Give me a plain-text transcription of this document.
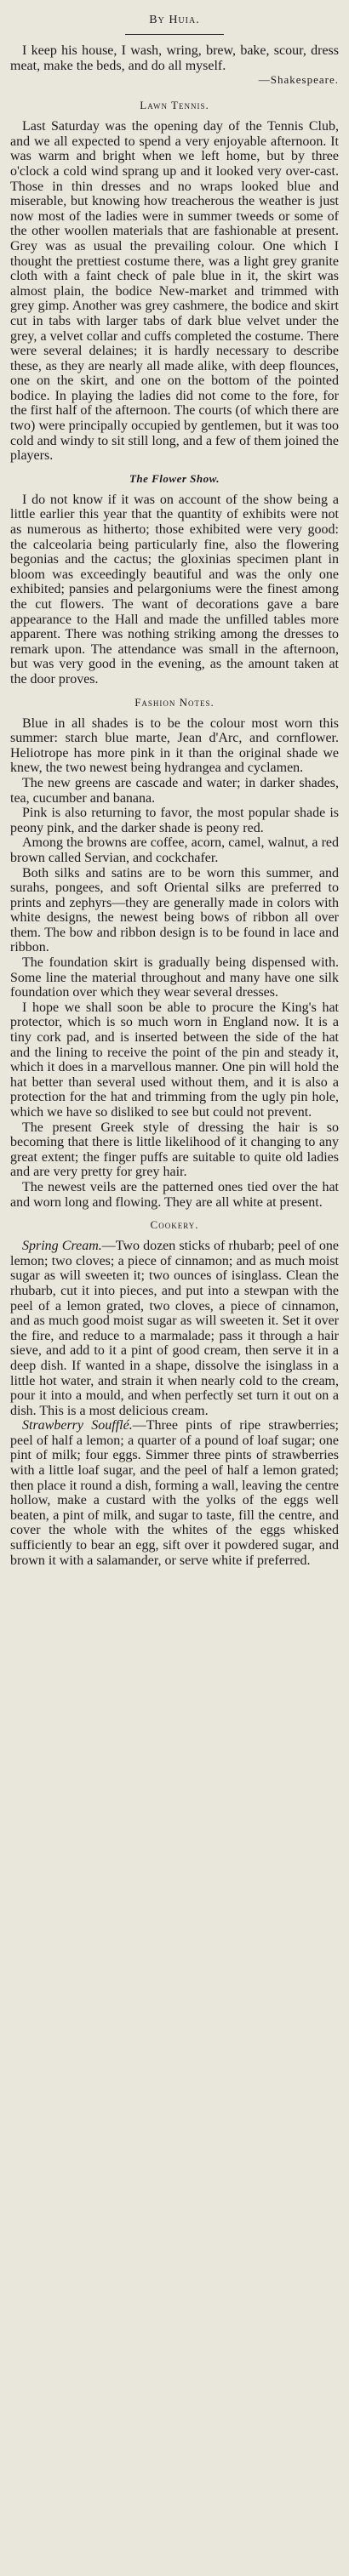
By Huia.

I keep his house, I wash, wring, brew, bake, scour, dress meat, make the beds, and do all myself.

—Shakespeare.
Lawn Tennis.

Last Saturday was the opening day of the Tennis Club, and we all expected to spend a very enjoyable afternoon. It was warm and bright when we left home, but by three o'clock a cold wind sprang up and it looked very over-cast. Those in thin dresses and no wraps looked blue and miserable, but knowing how treacherous the weather is just now most of the ladies were in summer tweeds or some of the other woollen materials that are fashionable at present. Grey was as usual the prevailing colour. One which I thought the prettiest costume there, was a light grey granite cloth with a faint check of pale blue in it, the skirt was almost plain, the bodice New-market and trimmed with grey gimp. Another was grey cashmere, the bodice and skirt cut in tabs with larger tabs of dark blue velvet under the grey, a velvet collar and cuffs completed the costume. There were several delaines; it is hardly necessary to describe these, as they are nearly all made alike, with deep flounces, one on the skirt, and one on the bottom of the pointed bodice. In playing the ladies did not come to the fore, for the first half of the afternoon. The courts (of which there are two) were principally occupied by gentlemen, but it was too cold and windy to sit still long, and a few of them joined the players.

The Flower Show.

I do not know if it was on account of the show being a little earlier this year that the quantity of exhibits were not as numerous as hitherto; those exhibited were very good: the calceolaria being particularly fine, also the flowering begonias and the cactus; the gloxinias specimen plant in bloom was exceedingly beautiful and was the only one exhibited; pansies and pelargoniums were the finest among the cut flowers. The want of decorations gave a bare appearance to the Hall and made the unfilled tables more apparent. There was nothing striking among the dresses to remark upon. The attendance was small in the afternoon, but was very good in the evening, as the amount taken at the door proves.

Fashion Notes.

Blue in all shades is to be the colour most worn this summer: starch blue marte, Jean d'Arc, and cornflower. Heliotrope has more pink in it than the original shade we knew, the two newest being hydrangea and cyclamen.

The new greens are cascade and water; in darker shades, tea, cucumber and banana.

Pink is also returning to favor, the most popular shade is peony pink, and the darker shade is peony red.

Among the browns are coffee, acorn, camel, walnut, a red brown called Servian, and cockchafer.

Both silks and satins are to be worn this summer, and surahs, pongees, and soft Oriental silks are preferred to prints and zephyrs—they are generally made in colors with white designs, the newest being bows of ribbon all over them. The bow and ribbon design is to be found in lace and ribbon.

The foundation skirt is gradually being dispensed with. Some line the material throughout and many have one silk foundation over which they wear several dresses.

I hope we shall soon be able to procure the King's hat protector, which is so much worn in England now. It is a tiny cork pad, and is inserted between the side of the hat and the lining to receive the point of the pin and steady it, which it does in a marvellous manner. One pin will hold the hat better than several used without them, and it is also a protection for the hat and trimming from the ugly pin hole, which we have so disliked to see but could not prevent.

The present Greek style of dressing the hair is so becoming that there is little likelihood of it changing to any great extent; the finger puffs are suitable to quite old ladies and are very pretty for grey hair.

The newest veils are the patterned ones tied over the hat and worn long and flowing. They are all white at present.

Cookery.

Spring Cream.—Two dozen sticks of rhubarb; peel of one lemon; two cloves; a piece of cinnamon; and as much moist sugar as will sweeten it; two ounces of isinglass. Clean the rhubarb, cut it into pieces, and put into a stewpan with the peel of a lemon grated, two cloves, a piece of cinnamon, and as much good moist sugar as will sweeten it. Set it over the fire, and reduce to a marmalade; pass it through a hair sieve, and add to it a pint of good cream, then serve it in a deep dish. If wanted in a shape, dissolve the isinglass in a little hot water, and strain it when nearly cold to the cream, pour it into a mould, and when perfectly set turn it out on a dish. This is a most delicious cream.

Strawberry Soufflé.—Three pints of ripe strawberries; peel of half a lemon; a quarter of a pound of loaf sugar; one pint of milk; four eggs. Simmer three pints of strawberries with a little loaf sugar, and the peel of half a lemon grated; then place it round a dish, forming a wall, leaving the centre hollow, make a custard with the yolks of the eggs well beaten, a pint of milk, and sugar to taste, fill the centre, and cover the whole with the whites of the eggs whisked sufficiently to bear an egg, sift over it powdered sugar, and brown it with a salamander, or serve white if preferred.
